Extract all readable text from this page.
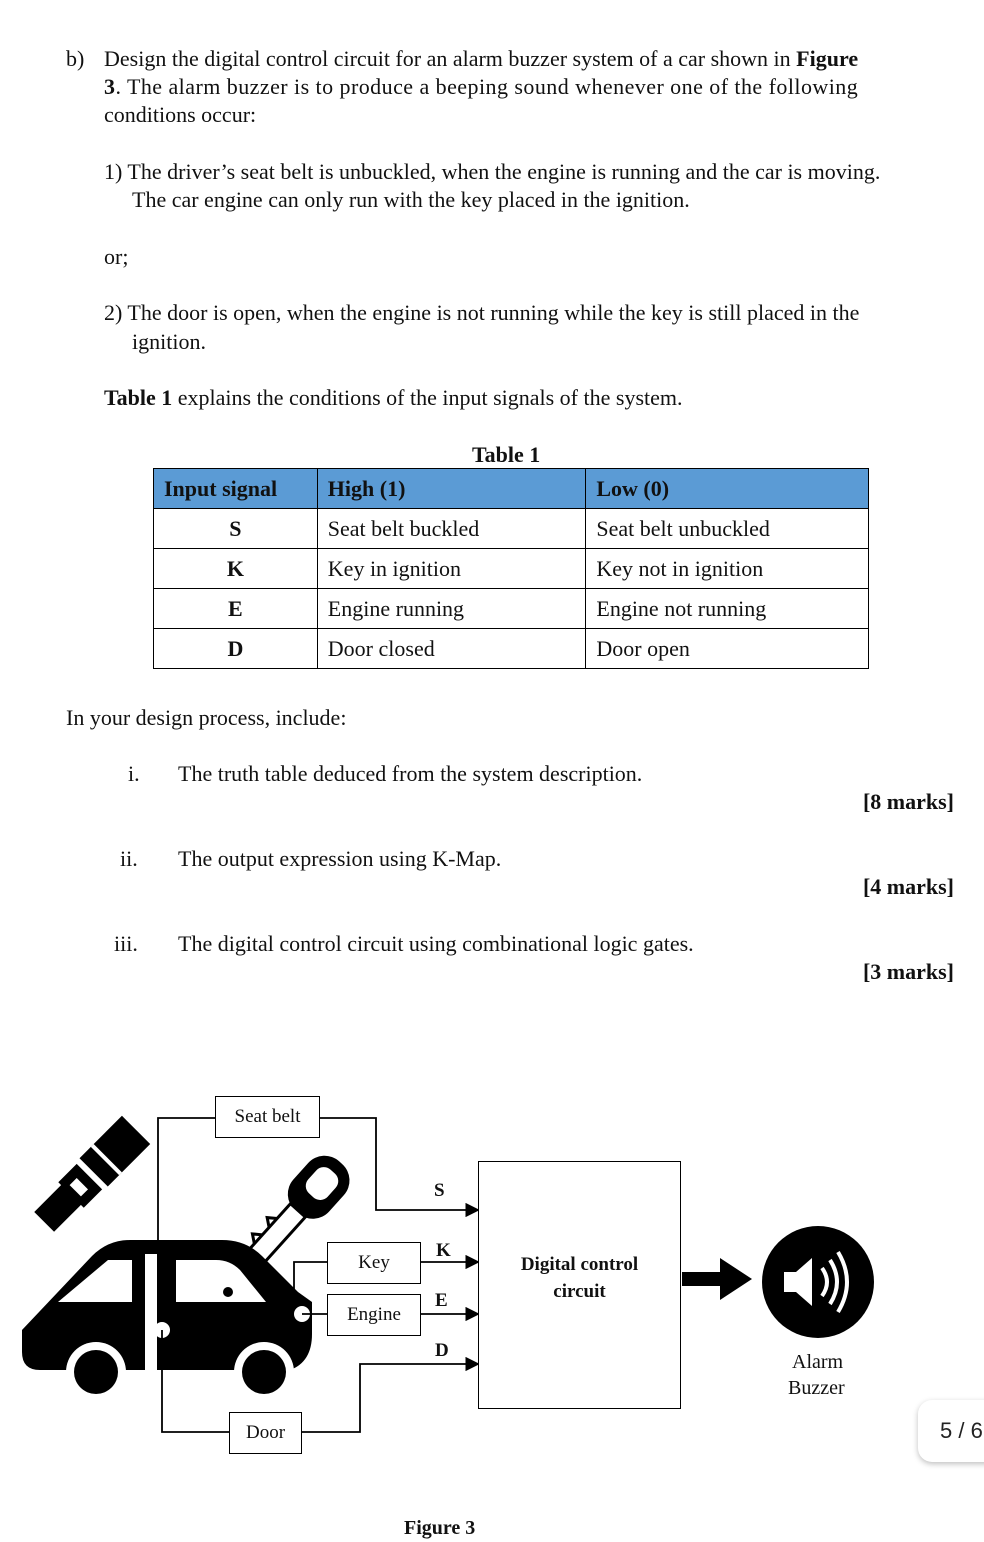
b) Design the digital control circuit for an alarm buzzer system of a car shown in Figure
3. The alarm buzzer is to produce a beeping sound whenever one of the following
conditions occur:
1) The driver’s seat belt is unbuckled, when the engine is running and the car is moving.
The car engine can only run with the key placed in the ignition.
or;
2) The door is open, when the engine is not running while the key is still placed in the
ignition.
Table 1 explains the conditions of the input signals of the system.
Table 1
Input signal	High (1)	Low (0)
S	Seat belt buckled	Seat belt unbuckled
K	Key in ignition	Key not in ignition
E	Engine running	Engine not running
D	Door closed	Door open
In your design process, include:
i. The truth table deduced from the system description.
[8 marks]
ii. The output expression using K-Map.
[4 marks]
iii. The digital control circuit using combinational logic gates.
[3 marks]
Seat belt
Key
Engine
Door
S
K
E
D
Digital control
circuit
Alarm
Buzzer
Figure 3
5 / 6
